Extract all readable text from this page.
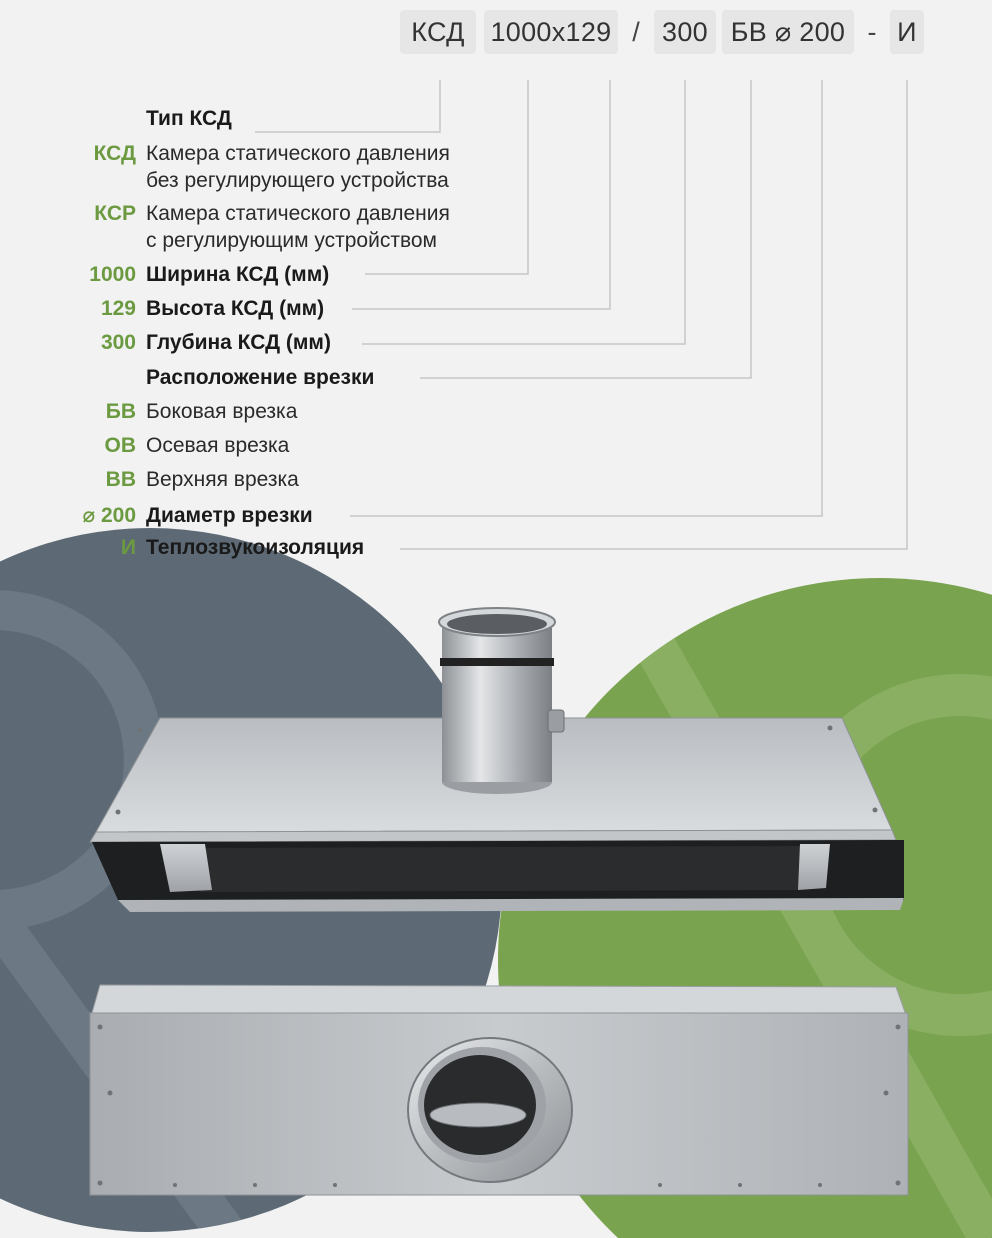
КСД 1000x129 / 300 БВ ⌀ 200 - И
Тип КСД
КСД Камера статического давления
без регулирующего устройства
КСР Камера статического давления
с регулирующим устройством
1000 Ширина КСД (мм)
129 Высота КСД (мм)
300 Глубина КСД (мм)
Расположение врезки
БВ Боковая врезка
ОВ Осевая врезка
ВВ Верхняя врезка
⌀ 200 Диаметр врезки
И Теплозвукоизоляция
